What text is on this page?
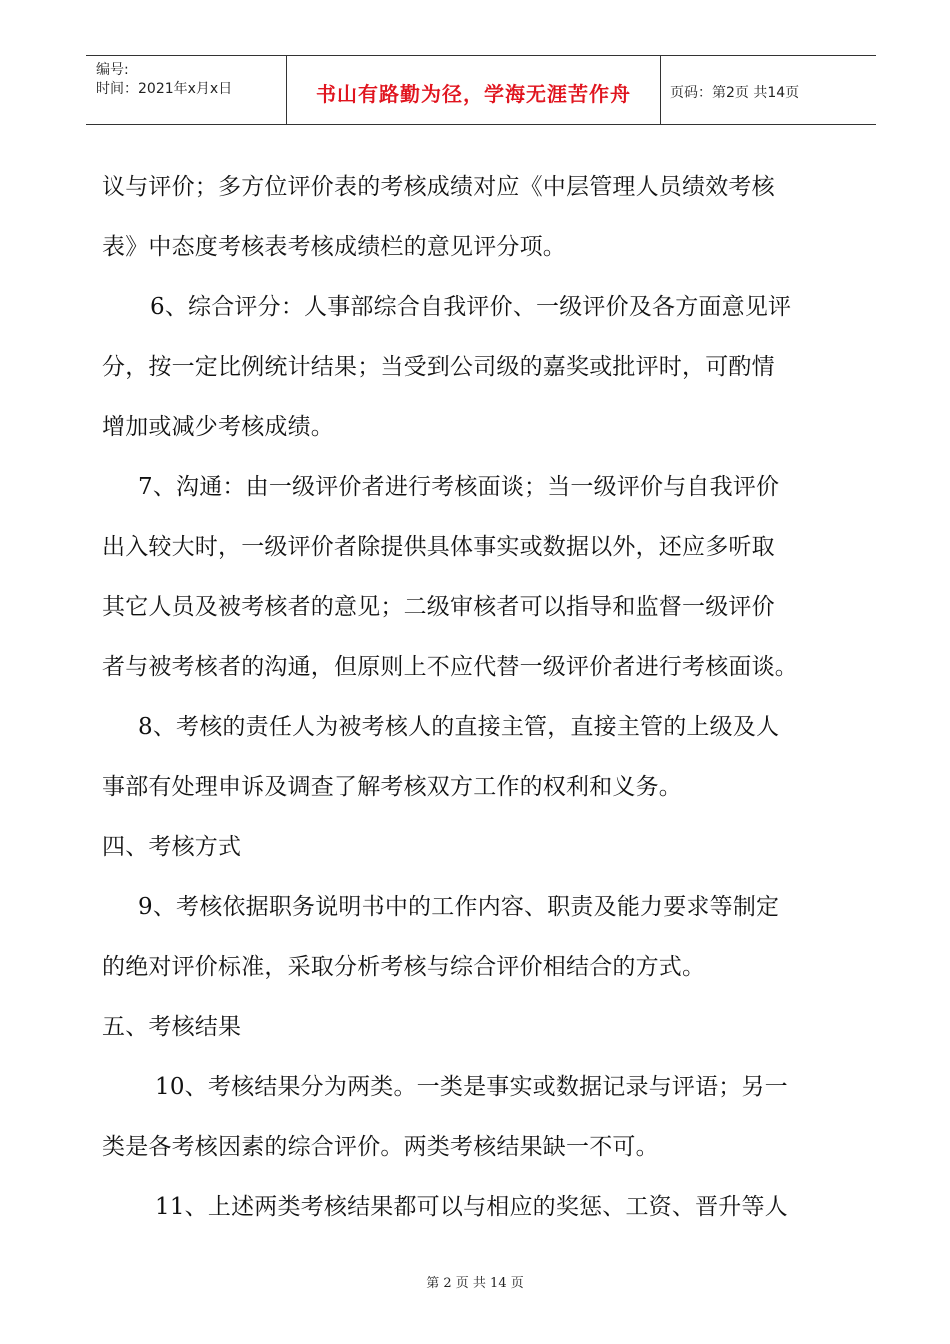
编号:
时间：2021年x月x日	书山有路勤为径，学海无涯苦作舟	页码：第2页 共14页
议与评价；多方位评价表的考核成绩对应《中层管理人员绩效考核
表》中态度考核表考核成绩栏的意见评分项。
6、综合评分：人事部综合自我评价、一级评价及各方面意见评
分，按一定比例统计结果；当受到公司级的嘉奖或批评时，可酌情
增加或减少考核成绩。
7、沟通：由一级评价者进行考核面谈；当一级评价与自我评价
出入较大时，一级评价者除提供具体事实或数据以外，还应多听取
其它人员及被考核者的意见；二级审核者可以指导和监督一级评价
者与被考核者的沟通，但原则上不应代替一级评价者进行考核面谈。
8、考核的责任人为被考核人的直接主管，直接主管的上级及人
事部有处理申诉及调查了解考核双方工作的权利和义务。
四、考核方式
9、考核依据职务说明书中的工作内容、职责及能力要求等制定
的绝对评价标准，采取分析考核与综合评价相结合的方式。
五、考核结果
10、考核结果分为两类。一类是事实或数据记录与评语；另一
类是各考核因素的综合评价。两类考核结果缺一不可。
11、上述两类考核结果都可以与相应的奖惩、工资、晋升等人
第 2 页 共 14 页
